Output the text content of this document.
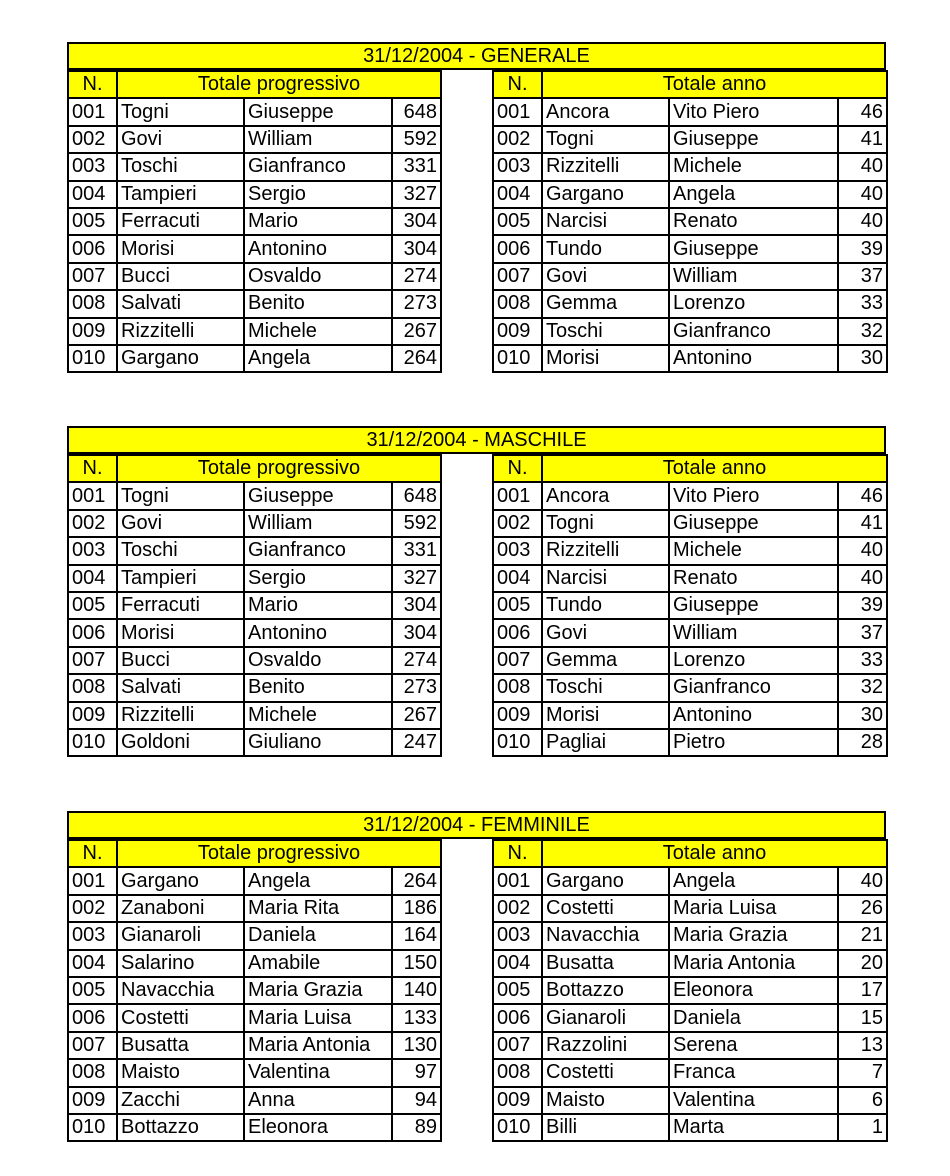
31/12/2004 - GENERALE
N.	Totale progressivo		
001	Togni	Giuseppe	648
002	Govi	William	592
003	Toschi	Gianfranco	331
004	Tampieri	Sergio	327
005	Ferracuti	Mario	304
006	Morisi	Antonino	304
007	Bucci	Osvaldo	274
008	Salvati	Benito	273
009	Rizzitelli	Michele	267
010	Gargano	Angela	264
N.	Totale anno		
001	Ancora	Vito Piero	46
002	Togni	Giuseppe	41
003	Rizzitelli	Michele	40
004	Gargano	Angela	40
005	Narcisi	Renato	40
006	Tundo	Giuseppe	39
007	Govi	William	37
008	Gemma	Lorenzo	33
009	Toschi	Gianfranco	32
010	Morisi	Antonino	30
31/12/2004 - MASCHILE
N.	Totale progressivo		
001	Togni	Giuseppe	648
002	Govi	William	592
003	Toschi	Gianfranco	331
004	Tampieri	Sergio	327
005	Ferracuti	Mario	304
006	Morisi	Antonino	304
007	Bucci	Osvaldo	274
008	Salvati	Benito	273
009	Rizzitelli	Michele	267
010	Goldoni	Giuliano	247
N.	Totale anno		
001	Ancora	Vito Piero	46
002	Togni	Giuseppe	41
003	Rizzitelli	Michele	40
004	Narcisi	Renato	40
005	Tundo	Giuseppe	39
006	Govi	William	37
007	Gemma	Lorenzo	33
008	Toschi	Gianfranco	32
009	Morisi	Antonino	30
010	Pagliai	Pietro	28
31/12/2004 - FEMMINILE
N.	Totale progressivo		
001	Gargano	Angela	264
002	Zanaboni	Maria Rita	186
003	Gianaroli	Daniela	164
004	Salarino	Amabile	150
005	Navacchia	Maria Grazia	140
006	Costetti	Maria Luisa	133
007	Busatta	Maria Antonia	130
008	Maisto	Valentina	97
009	Zacchi	Anna	94
010	Bottazzo	Eleonora	89
N.	Totale anno		
001	Gargano	Angela	40
002	Costetti	Maria Luisa	26
003	Navacchia	Maria Grazia	21
004	Busatta	Maria Antonia	20
005	Bottazzo	Eleonora	17
006	Gianaroli	Daniela	15
007	Razzolini	Serena	13
008	Costetti	Franca	7
009	Maisto	Valentina	6
010	Billi	Marta	1
